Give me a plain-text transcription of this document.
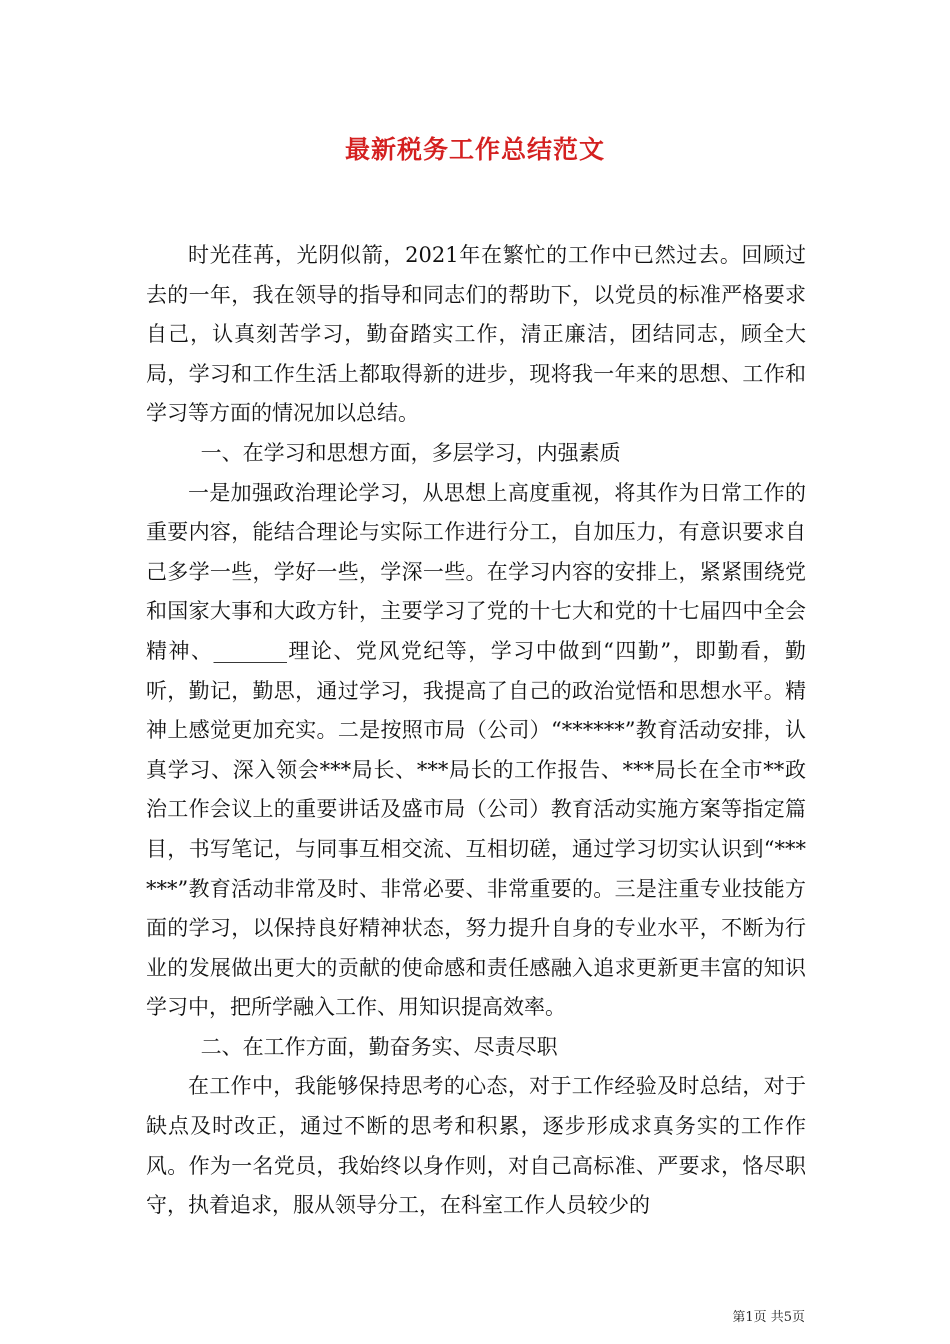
最新税务工作总结范文

时光荏苒，光阴似箭，2021年在繁忙的工作中已然过去。回顾过去的一年，我在领导的指导和同志们的帮助下，以党员的标准严格要求自己，认真刻苦学习，勤奋踏实工作，清正廉洁，团结同志，顾全大局，学习和工作生活上都取得新的进步，现将我一年来的思想、工作和学习等方面的情况加以总结。

一、在学习和思想方面，多层学习，内强素质

一是加强政治理论学习，从思想上高度重视，将其作为日常工作的重要内容，能结合理论与实际工作进行分工，自加压力，有意识要求自己多学一些，学好一些，学深一些。在学习内容的安排上，紧紧围绕党和国家大事和大政方针，主要学习了党的十七大和党的十七届四中全会精神、_______理论、党风党纪等，学习中做到“四勤”，即勤看，勤听，勤记，勤思，通过学习，我提高了自己的政治觉悟和思想水平。精神上感觉更加充实。二是按照市局（公司）“******”教育活动安排，认真学习、深入领会***局长、***局长的工作报告、***局长在全市**政治工作会议上的重要讲话及盛市局（公司）教育活动实施方案等指定篇目，书写笔记，与同事互相交流、互相切磋，通过学习切实认识到“******”教育活动非常及时、非常必要、非常重要的。三是注重专业技能方面的学习，以保持良好精神状态，努力提升自身的专业水平，不断为行业的发展做出更大的贡献的使命感和责任感融入追求更新更丰富的知识学习中，把所学融入工作、用知识提高效率。

二、在工作方面，勤奋务实、尽责尽职

在工作中，我能够保持思考的心态，对于工作经验及时总结，对于缺点及时改正，通过不断的思考和积累，逐步形成求真务实的工作作风。作为一名党员，我始终以身作则，对自己高标准、严要求，恪尽职守，执着追求，服从领导分工，在科室工作人员较少的

第1页 共5页
